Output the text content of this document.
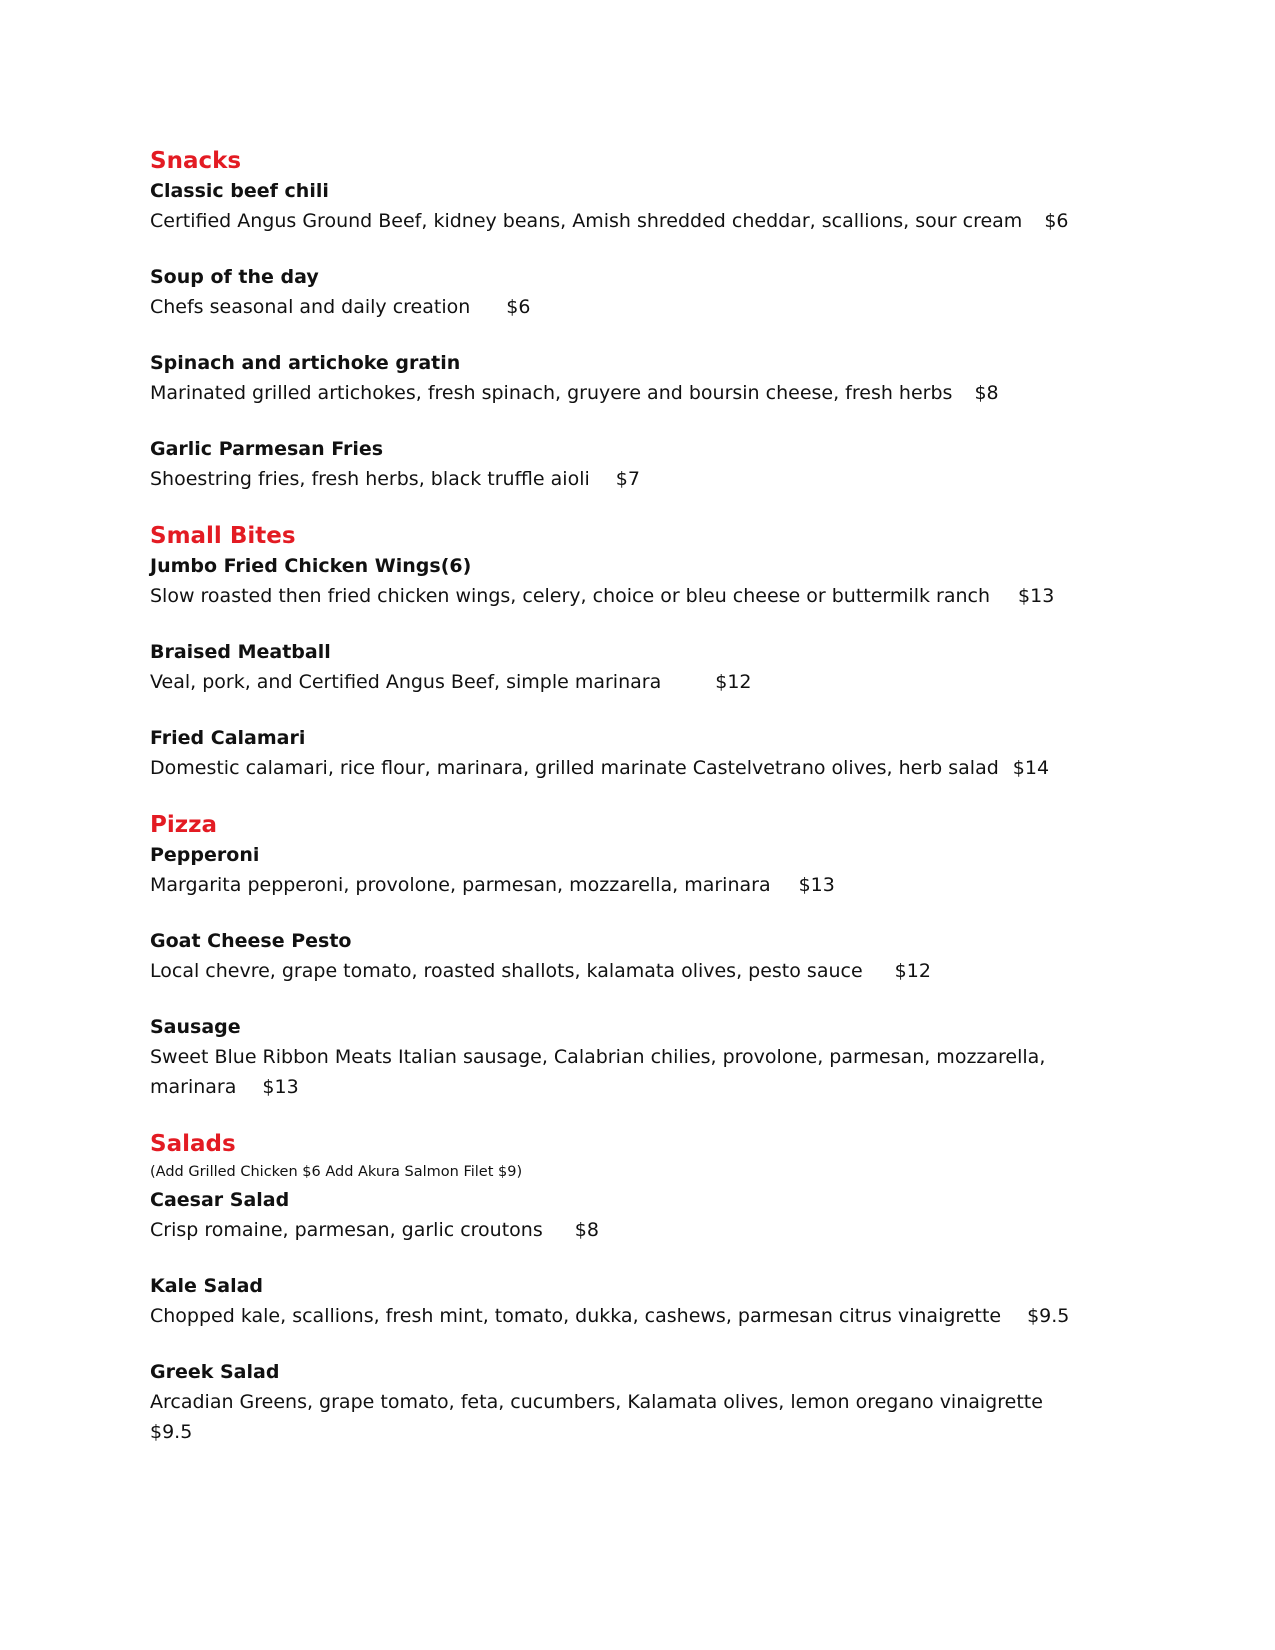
Snacks
Classic beef chili
Certified Angus Ground Beef, kidney beans, Amish shredded cheddar, scallions, sour cream $6
Soup of the day
Chefs seasonal and daily creation $6
Spinach and artichoke gratin
Marinated grilled artichokes, fresh spinach, gruyere and boursin cheese, fresh herbs $8
Garlic Parmesan Fries
Shoestring fries, fresh herbs, black truffle aioli $7
Small Bites
Jumbo Fried Chicken Wings(6)
Slow roasted then fried chicken wings, celery, choice or bleu cheese or buttermilk ranch $13
Braised Meatball
Veal, pork, and Certified Angus Beef, simple marinara	$12
Fried Calamari
Domestic calamari, rice flour, marinara, grilled marinate Castelvetrano olives, herb salad $14
Pizza
Pepperoni
Margarita pepperoni, provolone, parmesan, mozzarella, marinara $13
Goat Cheese Pesto
Local chevre, grape tomato, roasted shallots, kalamata olives, pesto sauce $12
Sausage
Sweet Blue Ribbon Meats Italian sausage, Calabrian chilies, provolone, parmesan, mozzarella, marinara $13
Salads
(Add Grilled Chicken $6 Add Akura Salmon Filet $9)
Caesar Salad
Crisp romaine, parmesan, garlic croutons $8
Kale Salad
Chopped kale, scallions, fresh mint, tomato, dukka, cashews, parmesan citrus vinaigrette $9.5
Greek Salad
Arcadian Greens, grape tomato, feta, cucumbers, Kalamata olives, lemon oregano vinaigrette
$9.5
